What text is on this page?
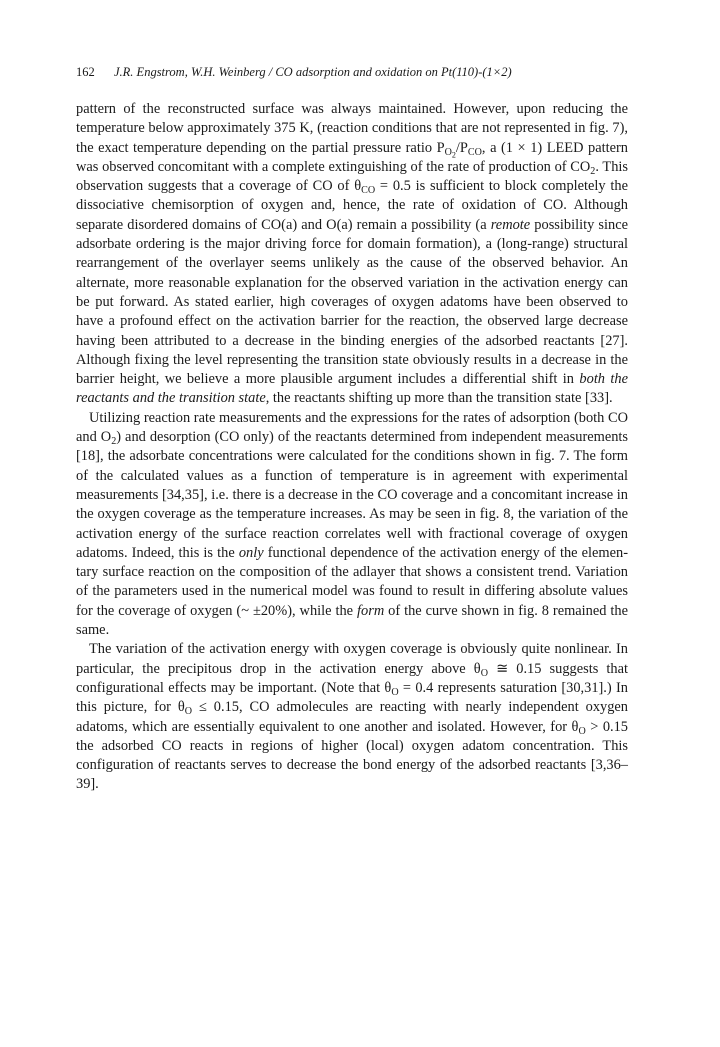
162 J.R. Engstrom, W.H. Weinberg / CO adsorption and oxidation on Pt(110)-(1×2)

pattern of the reconstructed surface was always maintained. However, upon reducing the temperature below approximately 375 K, (reaction conditions that are not represented in fig. 7), the exact temperature depending on the partial pressure ratio $P_{O_2}/P_{CO}$, a (1 × 1) LEED pattern was observed concomitant with a complete extinguishing of the rate of production of $CO_2$. This observation suggests that a coverage of CO of $\theta_{CO} = 0.5$ is sufficient to block completely the dissociative chemisorption of oxygen and, hence, the rate of oxidation of CO. Although separate disordered domains of CO(a) and O(a) remain a possibility (a remote possibility since adsorbate ordering is the major driving force for domain formation), a (long-range) structural rearrangement of the overlayer seems unlikely as the cause of the observed behavior. An alternate, more reasonable explanation for the observed variation in the activation energy can be put forward. As stated earlier, high coverages of oxygen adatoms have been observed to have a profound effect on the activation barrier for the reaction, the observed large decrease having been attributed to a decrease in the binding energies of the adsorbed reactants [27]. Although fixing the level representing the transition state obviously results in a decrease in the barrier height, we believe a more plausible argument includes a differential shift in both the reactants and the transition state, the reactants shifting up more than the transition state [33].

Utilizing reaction rate measurements and the expressions for the rates of adsorption (both CO and $O_2$) and desorption (CO only) of the reactants determined from independent measurements [18], the adsorbate concentrations were calculated for the conditions shown in fig. 7. The form of the calculated values as a function of temperature is in agreement with experimental measurements [34,35], i.e. there is a decrease in the CO coverage and a concomitant increase in the oxygen coverage as the temperature increases. As may be seen in fig. 8, the variation of the activation energy of the surface reaction correlates well with fractional coverage of oxygen adatoms. Indeed, this is the only functional dependence of the activation energy of the elementary surface reaction on the composition of the adlayer that shows a consistent trend. Variation of the parameters used in the numerical model was found to result in differing absolute values for the coverage of oxygen (~ ±20%), while the form of the curve shown in fig. 8 remained the same.

The variation of the activation energy with oxygen coverage is obviously quite nonlinear. In particular, the precipitous drop in the activation energy above $\theta_O$ ≅ 0.15 suggests that configurational effects may be important. (Note that $\theta_O = 0.4$ represents saturation [30,31].) In this picture, for $\theta_O \le 0.15$, CO admolecules are reacting with nearly independent oxygen adatoms, which are essentially equivalent to one another and isolated. However, for $\theta_O > 0.15$ the adsorbed CO reacts in regions of higher (local) oxygen adatom concentration. This configuration of reactants serves to decrease the bond energy of the adsorbed reactants [3,36–39].
